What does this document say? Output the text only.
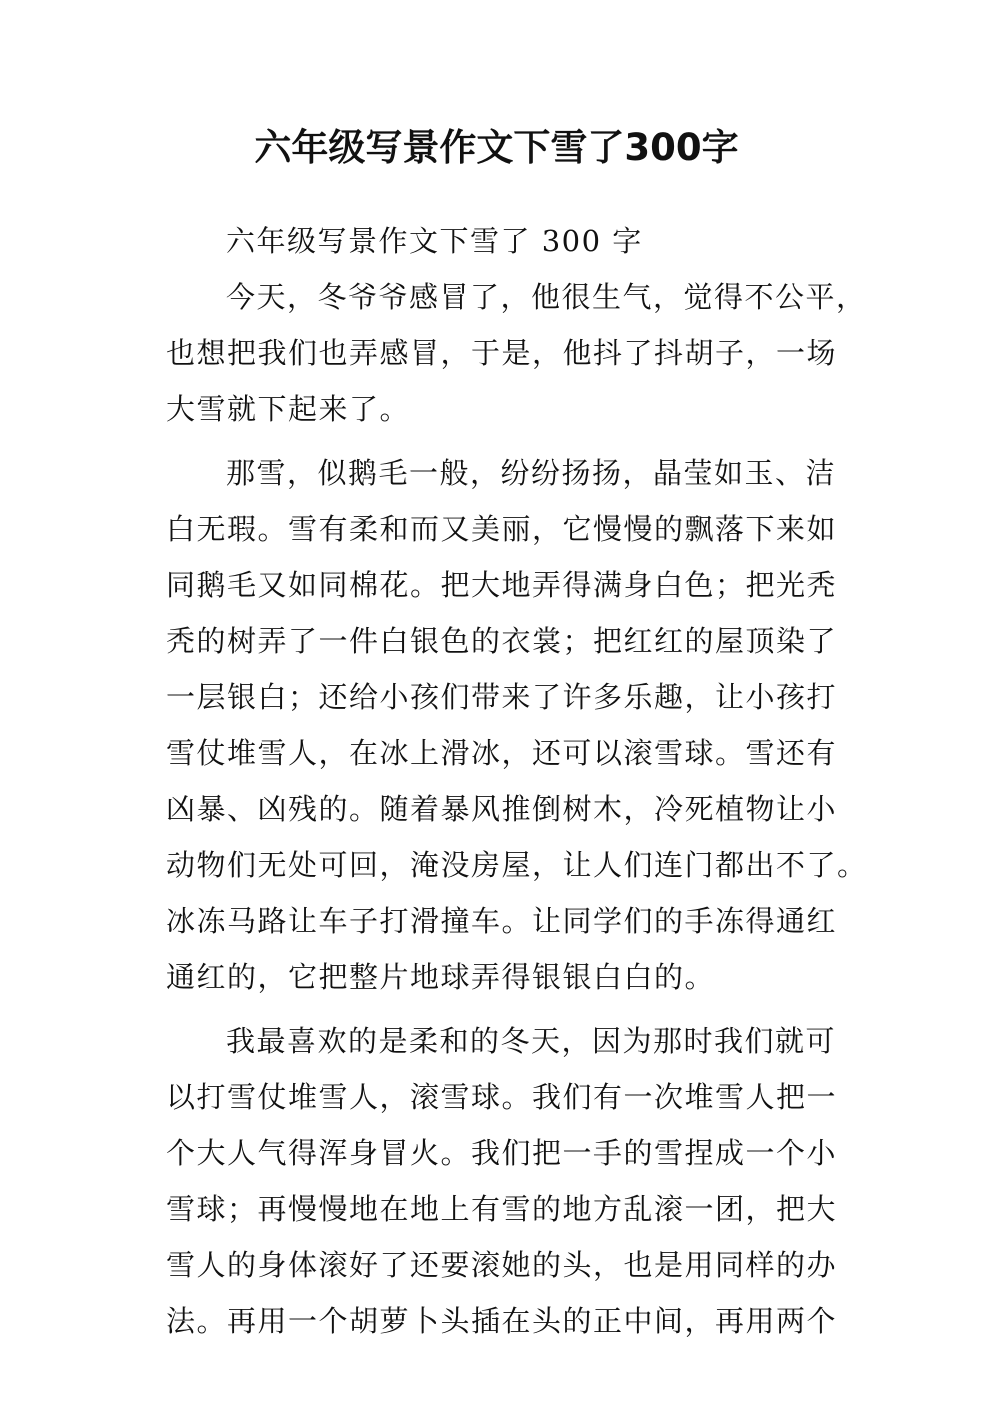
六年级写景作文下雪了300字
六年级写景作文下雪了 300 字
今天，冬爷爷感冒了，他很生气，觉得不公平，
也想把我们也弄感冒，于是，他抖了抖胡子，一场
大雪就下起来了。
那雪，似鹅毛一般，纷纷扬扬，晶莹如玉、洁
白无瑕。雪有柔和而又美丽，它慢慢的飘落下来如
同鹅毛又如同棉花。把大地弄得满身白色；把光秃
秃的树弄了一件白银色的衣裳；把红红的屋顶染了
一层银白；还给小孩们带来了许多乐趣，让小孩打
雪仗堆雪人，在冰上滑冰，还可以滚雪球。雪还有
凶暴、凶残的。随着暴风推倒树木，冷死植物让小
动物们无处可回，淹没房屋，让人们连门都出不了。
冰冻马路让车子打滑撞车。让同学们的手冻得通红
通红的，它把整片地球弄得银银白白的。
我最喜欢的是柔和的冬天，因为那时我们就可
以打雪仗堆雪人，滚雪球。我们有一次堆雪人把一
个大人气得浑身冒火。我们把一手的雪捏成一个小
雪球；再慢慢地在地上有雪的地方乱滚一团，把大
雪人的身体滚好了还要滚她的头，也是用同样的办
法。再用一个胡萝卜头插在头的正中间，再用两个
